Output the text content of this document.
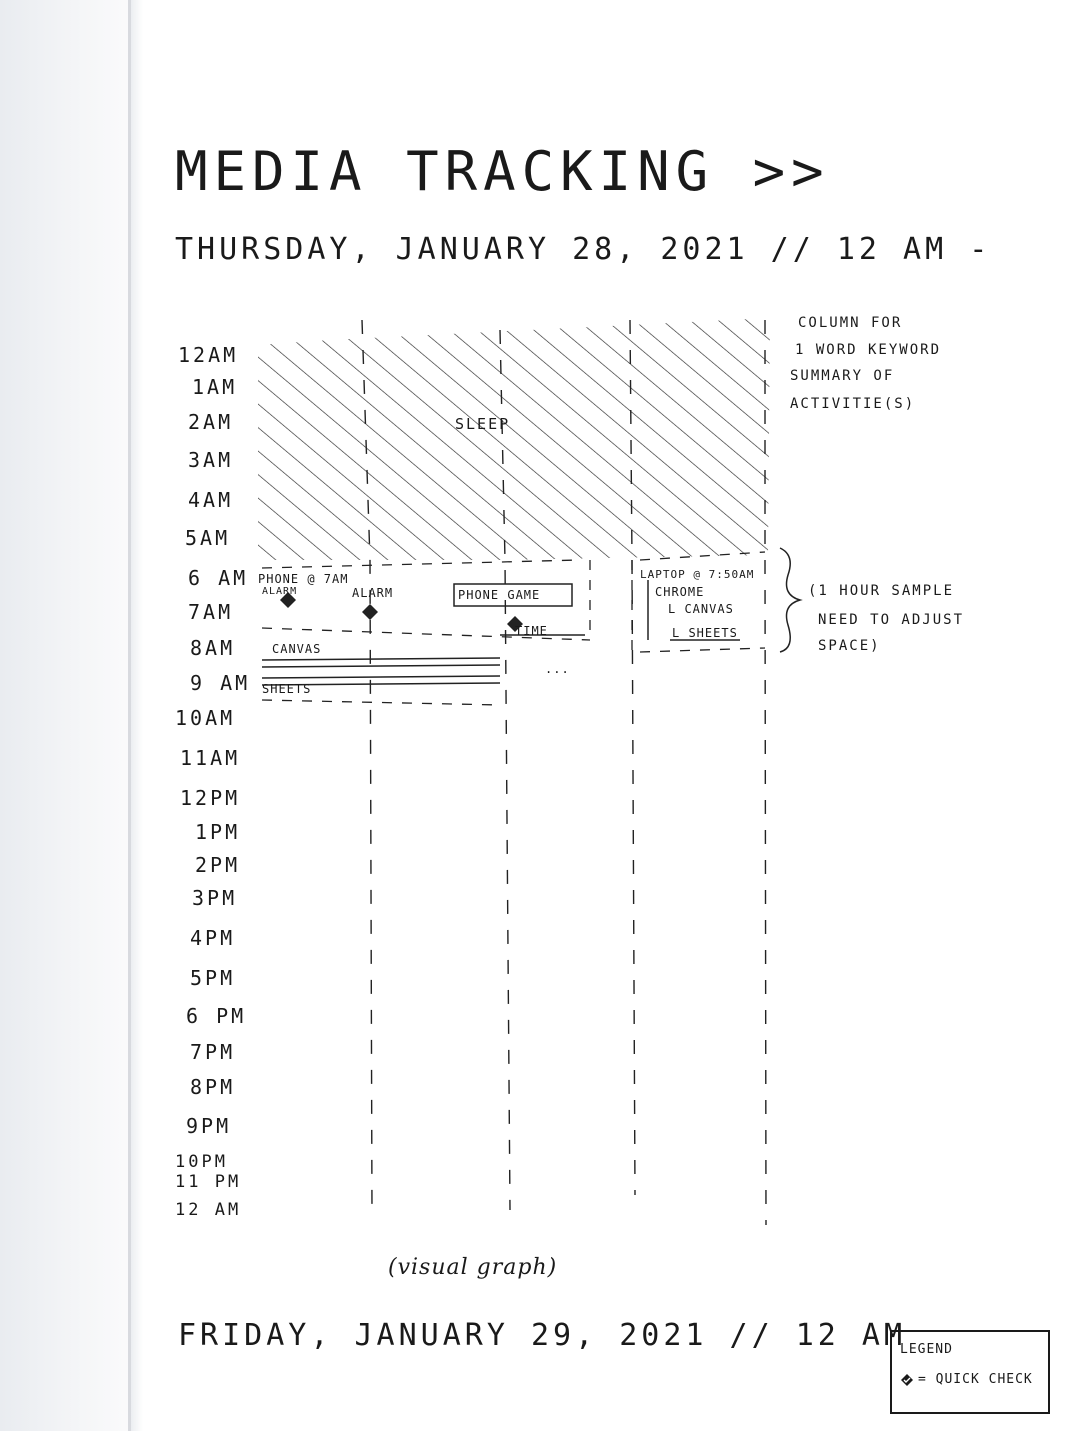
MEDIA TRACKING >>
THURSDAY, JANUARY 28, 2021 // 12 AM -
12AM
1AM
2AM
3AM
4AM
5AM
6 AM
7AM
8AM
9 AM
10AM
11AM
12PM
1PM
2PM
3PM
4PM
5PM
6 PM
7PM
8PM
9PM
10PM
11 PM
12 AM
SLEEP
PHONE @ 7AM
ALARM	ALARM	PHONE GAME
TIME
CANVAS
SHEETS
...
LAPTOP @ 7:50AM
CHROME
L CANVAS
L SHEETS
COLUMN FOR
1 WORD KEYWORD
SUMMARY OF
ACTIVITIE(S)
(1 HOUR SAMPLE
NEED TO ADJUST
SPACE)
(visual graph)
FRIDAY, JANUARY 29, 2021 // 12 AM
LEGEND
= QUICK CHECK
